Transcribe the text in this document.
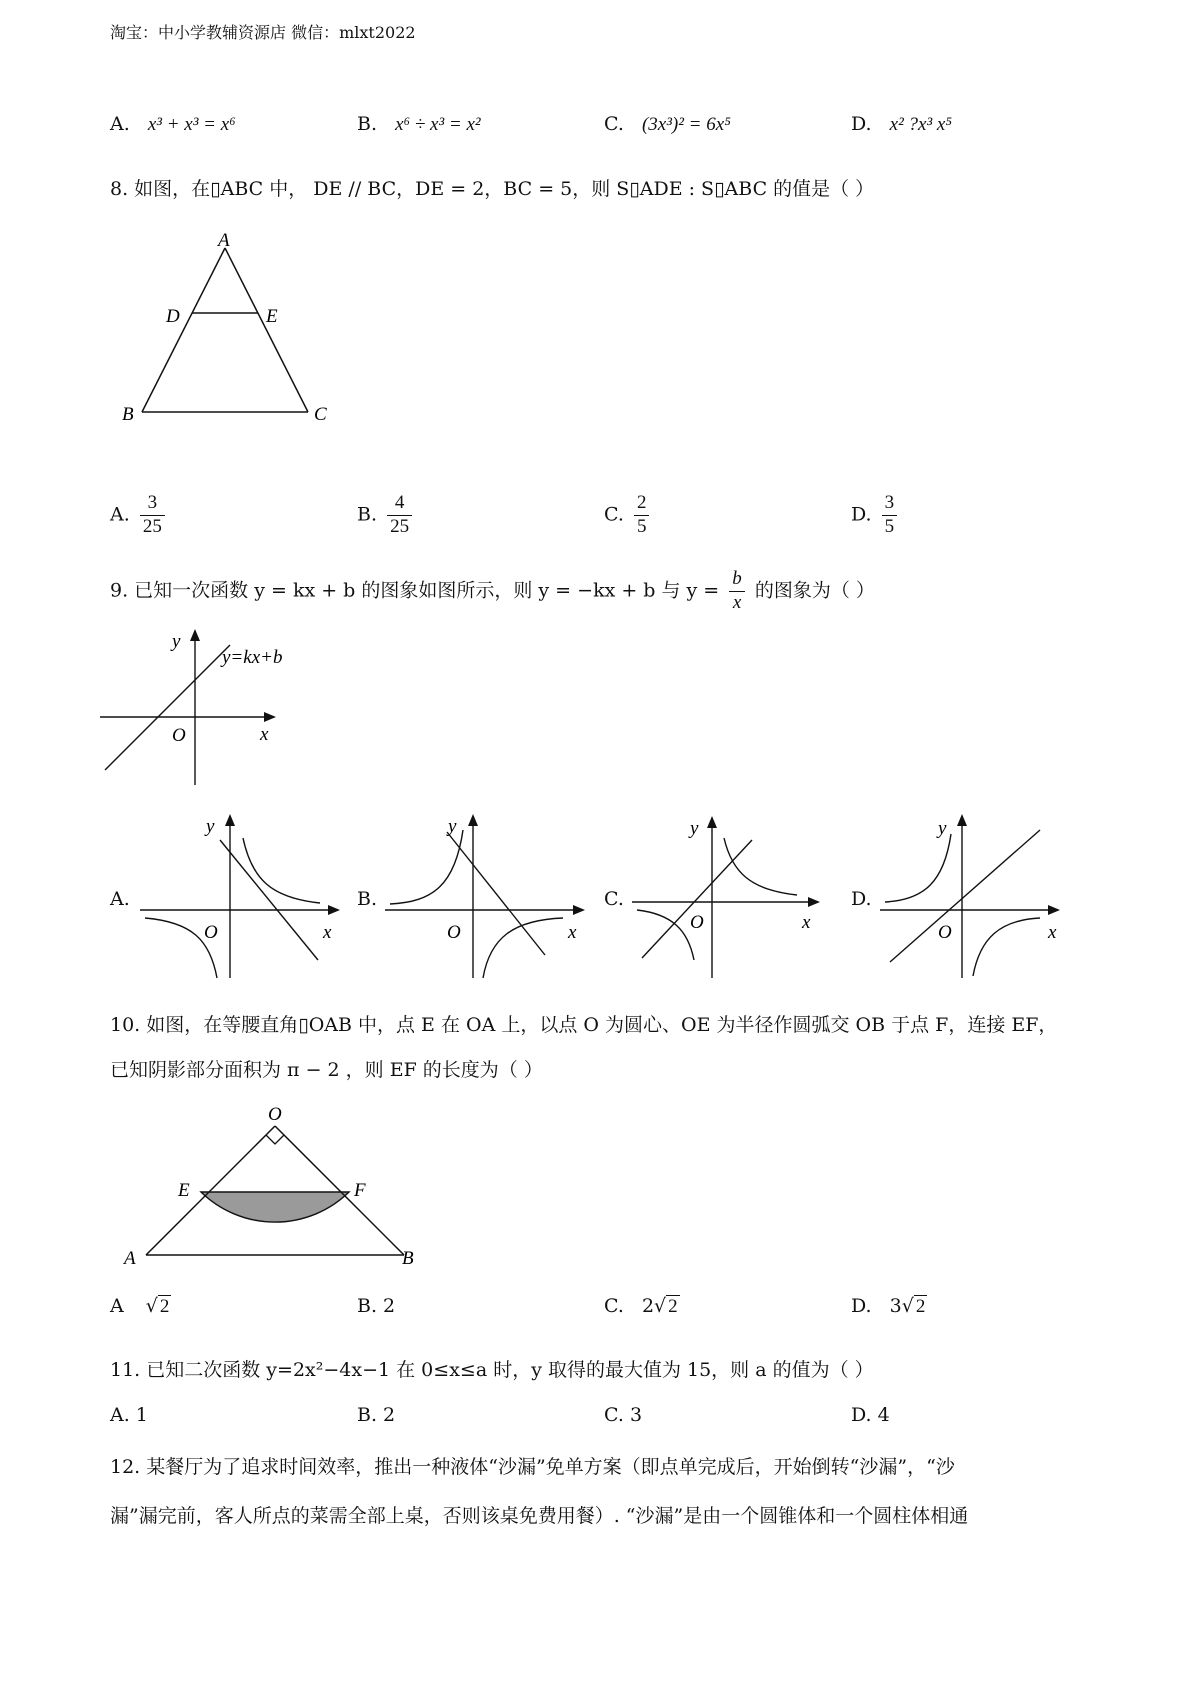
淘宝：中小学教辅资源店 微信：mlxt2022
A. x³ + x³ = x⁶	B. x⁶ ÷ x³ = x²	C. (3x³)² = 6x⁵	D. x² ?x³ x⁵
8. 如图，在▯ABC 中， DE // BC，DE = 2，BC = 5，则 S▯ADE : S▯ABC 的值是（ ）
A
D	E
B	C
A. $\frac{3}{25}$	B. $\frac{4}{25}$	C. $\frac{2}{5}$	D. $\frac{3}{5}$
9. 已知一次函数 y = kx + b 的图象如图所示，则 y = −kx + b 与 $y = \frac{b}{x}$ 的图象为（ ）
y
x
O
y=kx+b
A.
y
x
O
B.
y
x
O
C.
y
x
O
D.
y
x
O
10. 如图，在等腰直角▯OAB 中，点 E 在 OA 上，以点 O 为圆心、OE 为半径作圆弧交 OB 于点 F，连接 EF，
已知阴影部分面积为 π − 2 ，则 EF 的长度为（ ）
O
E	F
A	B
A √ 2	B. 2	C. 2√ 2	D. 3√ 2
11. 已知二次函数 y=2x²−4x−1 在 0≤x≤a 时，y 取得的最大值为 15，则 a 的值为（ ）
A. 1	B. 2	C. 3	D. 4
12. 某餐厅为了追求时间效率，推出一种液体“沙漏”免单方案（即点单完成后，开始倒转“沙漏”，“沙
漏”漏完前，客人所点的菜需全部上桌，否则该桌免费用餐）. “沙漏”是由一个圆锥体和一个圆柱体相通
